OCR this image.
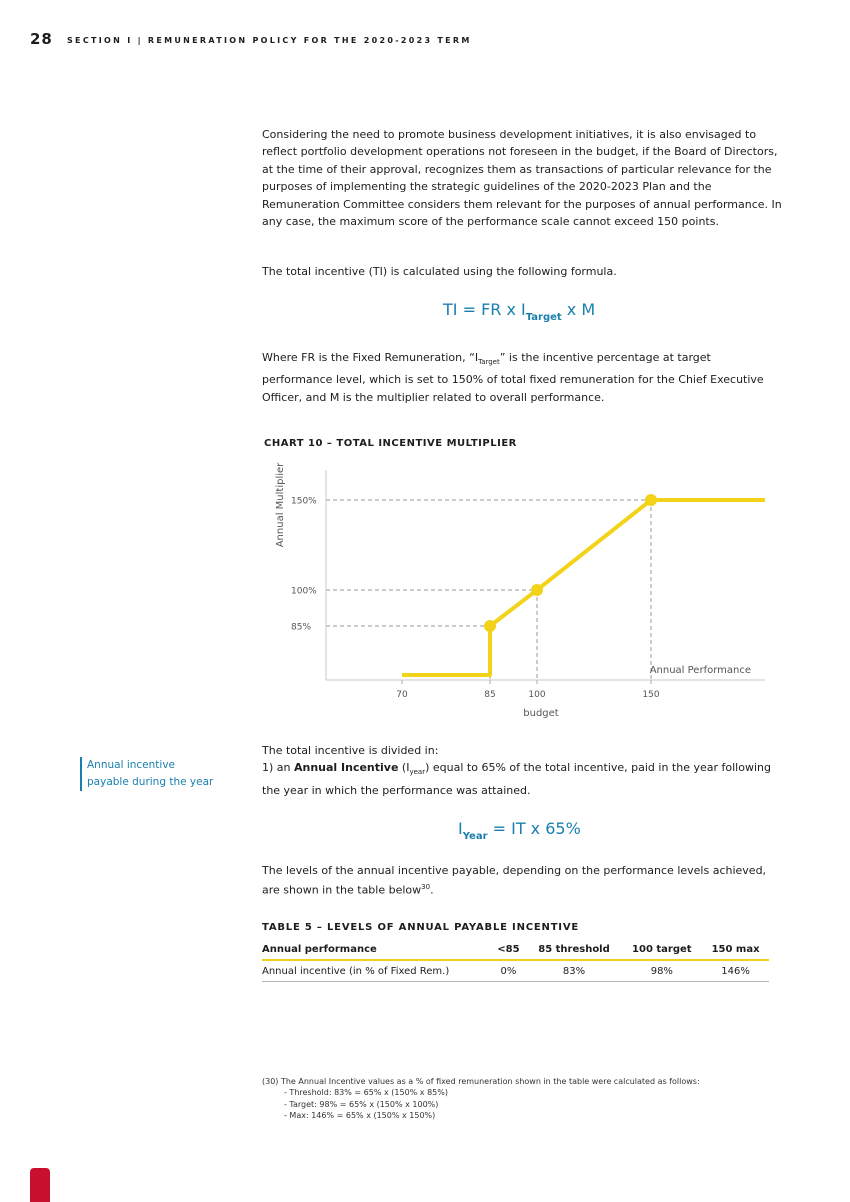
28 SECTION I | REMUNERATION POLICY FOR THE 2020-2023 TERM
Considering the need to promote business development initiatives, it is also envisaged to reflect portfolio development operations not foreseen in the budget, if the Board of Directors, at the time of their approval, recognizes them as transactions of particular relevance for the purposes of implementing the strategic guidelines of the 2020-2023 Plan and the Remuneration Committee considers them relevant for the purposes of annual performance. In any case, the maximum score of the performance scale cannot exceed 150 points.
The total incentive (TI) is calculated using the following formula.
TI = FR x $I_{Target}$ x M
Where FR is the Fixed Remuneration, “$I_{Target}$” is the incentive percentage at target performance level, which is set to 150% of total fixed remuneration for the Chief Executive Officer, and M is the multiplier related to overall performance.
CHART 10 – TOTAL INCENTIVE MULTIPLIER
85%
100%
150%
70	85	100	150
Annual Multiplier
Annual Performance
budget
Annual incentive payable during the year
The total incentive is divided in:
1) an Annual Incentive $(I_{year})$ equal to 65% of the total incentive, paid in the year following the year in which the performance was attained.
$I_{Year}$ = IT x 65%
The levels of the annual incentive payable, depending on the performance levels achieved, are shown in the table below$^{30}$.
TABLE 5 – LEVELS OF ANNUAL PAYABLE INCENTIVE
Annual performance	<85	85 threshold	100 target	150 max
Annual incentive (in % of Fixed Rem.)	0%	83%	98%	146%
(30) The Annual Incentive values as a % of fixed remuneration shown in the table were calculated as follows:
- Threshold: 83% = 65% x (150% x 85%)
- Target: 98% = 65% x (150% x 100%)
- Max: 146% = 65% x (150% x 150%)
